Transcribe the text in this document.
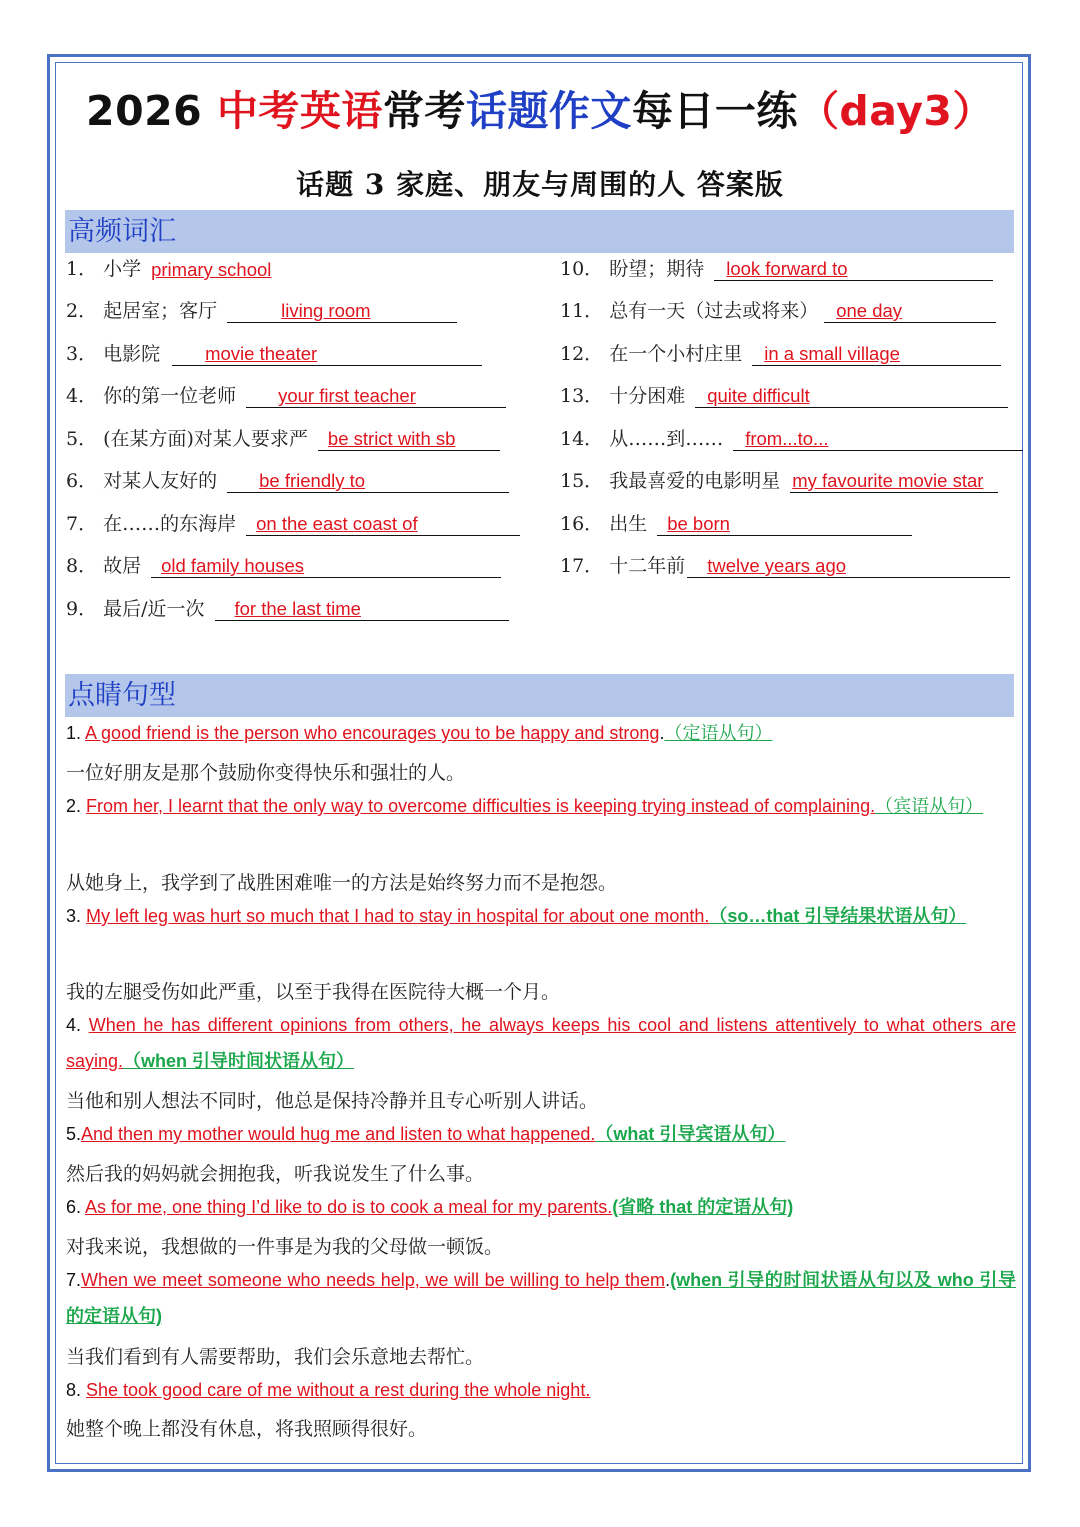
2026 中考英语常考话题作文每日一练（day3）
话题 3 家庭、朋友与周围的人 答案版
高频词汇
1． 小学 primary school
2． 起居室；客厅	living room
3． 电影院 movie theater
4． 你的第一位老师 your first teacher
5． (在某方面)对某人要求严 be strict with sb
6． 对某人友好的 be friendly to
7． 在……的东海岸 on the east coast of
8． 故居 old family houses
9． 最后/近一次 for the last time
10． 盼望；期待 look forward to
11． 总有一天（过去或将来） one day
12． 在一个小村庄里 in a small village
13． 十分困难 quite difficult
14． 从……到…… from...to...
15． 我最喜爱的电影明星 my favourite movie star
16． 出生 be born
17． 十二年前 twelve years ago
点睛句型
1. A good friend is the person who encourages you to be happy and strong.（定语从句）
一位好朋友是那个鼓励你变得快乐和强壮的人。
2. From her, I learnt that the only way to overcome difficulties is keeping trying instead of complaining.（宾语从句）
从她身上，我学到了战胜困难唯一的方法是始终努力而不是抱怨。
3. My left leg was hurt so much that I had to stay in hospital for about one month.（so…that 引导结果状语从句）
我的左腿受伤如此严重，以至于我得在医院待大概一个月。
4. When he has different opinions from others, he always keeps his cool and listens attentively to what others are saying.（when 引导时间状语从句）
当他和别人想法不同时，他总是保持冷静并且专心听别人讲话。
5.And then my mother would hug me and listen to what happened.（what 引导宾语从句）
然后我的妈妈就会拥抱我，听我说发生了什么事。
6. As for me, one thing I’d like to do is to cook a meal for my parents.(省略 that 的定语从句)
对我来说，我想做的一件事是为我的父母做一顿饭。
7.When we meet someone who needs help, we will be willing to help them.(when 引导的时间状语从句以及 who 引导的定语从句)
当我们看到有人需要帮助，我们会乐意地去帮忙。
8. She took good care of me without a rest during the whole night.
她整个晚上都没有休息，将我照顾得很好。
